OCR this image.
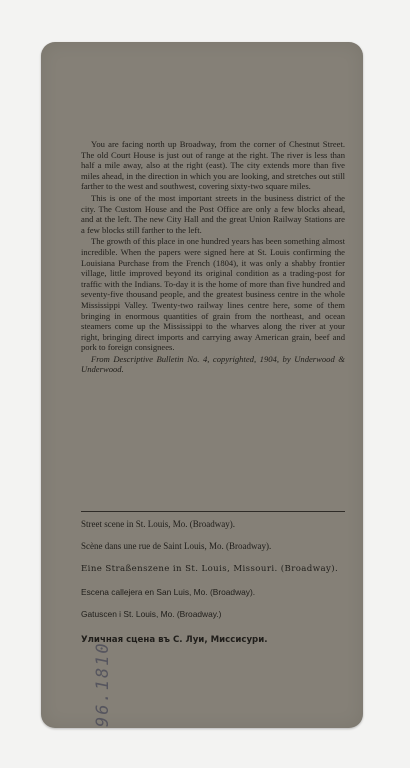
You are facing north up Broadway, from the corner of Chestnut Street. The old Court House is just out of range at the right. The river is less than half a mile away, also at the right (east). The city extends more than five miles ahead, in the direction in which you are looking, and stretches out still farther to the west and southwest, covering sixty-two square miles.

This is one of the most important streets in the business district of the city. The Custom House and the Post Office are only a few blocks ahead, and at the left. The new City Hall and the great Union Railway Stations are a few blocks still farther to the left.

The growth of this place in one hundred years has been something almost incredible. When the papers were signed here at St. Louis confirming the Louisiana Purchase from the French (1804), it was only a shabby frontier village, little improved beyond its original condition as a trading-post for traffic with the Indians. To-day it is the home of more than five hundred and seventy-five thousand people, and the greatest business centre in the whole Mississippi Valley. Twenty-two railway lines centre here, some of them bringing in enormous quantities of grain from the northeast, and ocean steamers come up the Mississippi to the wharves along the river at your right, bringing direct imports and carrying away American grain, beef and pork to foreign consignees.

From Descriptive Bulletin No. 4, copyrighted, 1904, by Underwood & Underwood.

Street scene in St. Louis, Mo. (Broadway).
Scène dans une rue de Saint Louis, Mo. (Broadway).
Eine Straßenszene in St. Louis, Missouri. (Broadway).
Escena callejera en San Luis, Mo. (Broadway).
Gatuscen i St. Louis, Mo. (Broadway.)
Уличная сцена въ С. Луи, Миссисури.
96.1810
